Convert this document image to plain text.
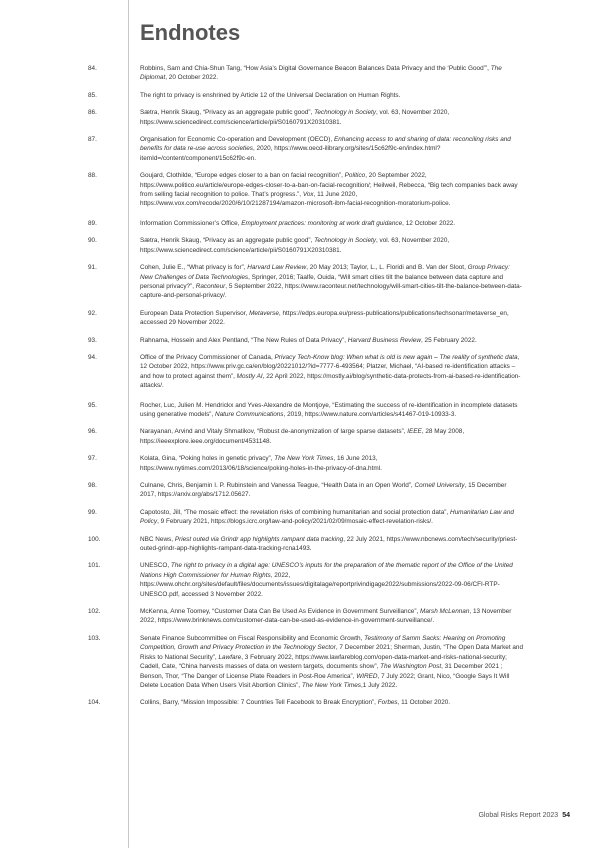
Endnotes
84.	Robbins, Sam and Chia-Shun Tang, “How Asia’s Digital Governance Beacon Balances Data Privacy and the ‘Public Good’”, The Diplomat, 20 October 2022.
85.	The right to privacy is enshrined by Article 12 of the Universal Declaration on Human Rights.
86.	Sætra, Henrik Skaug, “Privacy as an aggregate public good”, Technology in Society, vol. 63, November 2020, https://www.sciencedirect.com/science/article/pii/S0160791X20310381.
87.	Organisation for Economic Co-operation and Development (OECD), Enhancing access to and sharing of data: reconciling risks and benefits for data re-use across societies, 2020, https://www.oecd-ilibrary.org/sites/15c62f9c-en/index.html?itemId=/content/component/15c62f9c-en.
88.	Goujard, Clothilde, “Europe edges closer to a ban on facial recognition”, Politico, 20 September 2022, https://www.politico.eu/article/europe-edges-closer-to-a-ban-on-facial-recognition/; Heilweil, Rebecca, “Big tech companies back away from selling facial recognition to police. That’s progress.”, Vox, 11 June 2020, https://www.vox.com/recode/2020/6/10/21287194/amazon-microsoft-ibm-facial-recognition-moratorium-police.
89.	Information Commissioner’s Office, Employment practices: monitoring at work draft guidance, 12 October 2022.
90.	Sætra, Henrik Skaug, “Privacy as an aggregate public good”, Technology in Society, vol. 63, November 2020, https://www.sciencedirect.com/science/article/pii/S0160791X20310381.
91.	Cohen, Julie E., “What privacy is for”, Harvard Law Review, 20 May 2013; Taylor, L., L. Floridi and B. Van der Sloot, Group Privacy: New Challenges of Data Technologies, Springer, 2016; Taalfe, Ouida, “Will smart cities tilt the balance between data capture and personal privacy?”, Raconteur, 5 September 2022, https://www.raconteur.net/technology/will-smart-cities-tilt-the-balance-between-data-capture-and-personal-privacy/.
92.	European Data Protection Supervisor, Metaverse, https://edps.europa.eu/press-publications/publications/techsonar/metaverse_en, accessed 29 November 2022.
93.	Rahnama, Hossein and Alex Pentland, “The New Rules of Data Privacy”, Harvard Business Review, 25 February 2022.
94.	Office of the Privacy Commissioner of Canada, Privacy Tech-Know blog: When what is old is new again – The reality of synthetic data, 12 October 2022, https://www.priv.gc.ca/en/blog/20221012/?id=7777-6-493564; Platzer, Michael, “AI-based re-identification attacks – and how to protect against them”, Mostly AI, 22 April 2022, https://mostly.ai/blog/synthetic-data-protects-from-ai-based-re-identification-attacks/.
95.	Rocher, Luc, Julien M. Hendrickx and Yves-Alexandre de Montjoye, “Estimating the success of re-identification in incomplete datasets using generative models”, Nature Communications, 2019, https://www.nature.com/articles/s41467-019-10933-3.
96.	Narayanan, Arvind and Vitaly Shmatikov, “Robust de-anonymization of large sparse datasets”, IEEE, 28 May 2008, https://ieeexplore.ieee.org/document/4531148.
97.	Kolata, Gina, “Poking holes in genetic privacy”, The New York Times, 16 June 2013, https://www.nytimes.com/2013/06/18/science/poking-holes-in-the-privacy-of-dna.html.
98.	Culnane, Chris, Benjamin I. P. Rubinstein and Vanessa Teague, “Health Data in an Open World”, Cornell University, 15 December 2017, https://arxiv.org/abs/1712.05627.
99.	Capotosto, Jill, “The mosaic effect: the revelation risks of combining humanitarian and social protection data”, Humanitarian Law and Policy, 9 February 2021, https://blogs.icrc.org/law-and-policy/2021/02/09/mosaic-effect-revelation-risks/.
100.	NBC News, Priest outed via Grindr app highlights rampant data tracking, 22 July 2021, https://www.nbcnews.com/tech/security/priest-outed-grindr-app-highlights-rampant-data-tracking-rcna1493.
101.	UNESCO, The right to privacy in a digital age: UNESCO’s inputs for the preparation of the thematic report of the Office of the United Nations High Commissioner for Human Rights, 2022, https://www.ohchr.org/sites/default/files/documents/issues/digitalage/reportprivindigage2022/submissions/2022-09-06/CFI-RTP-UNESCO.pdf, accessed 3 November 2022.
102.	McKenna, Anne Toomey, “Customer Data Can Be Used As Evidence in Government Surveillance”, Marsh McLennan, 13 November 2022, https://www.brinknews.com/customer-data-can-be-used-as-evidence-in-government-surveillance/.
103.	Senate Finance Subcommittee on Fiscal Responsibility and Economic Growth, Testimony of Samm Sacks: Hearing on Promoting Competition, Growth and Privacy Protection in the Technology Sector, 7 December 2021; Sherman, Justin, “The Open Data Market and Risks to National Security”, Lawfare, 3 February 2022, https://www.lawfareblog.com/open-data-market-and-risks-national-security; Cadell, Cate, “China harvests masses of data on western targets, documents show”, The Washington Post, 31 December 2021 ; Benson, Thor, “The Danger of License Plate Readers in Post-Roe America”, WIRED, 7 July 2022; Grant, Nico, “Google Says It Will Delete Location Data When Users Visit Abortion Clinics”, The New York Times,1 July 2022.
104.	Collins, Barry, “Mission Impossible: 7 Countries Tell Facebook to Break Encryption”, Forbes, 11 October 2020.
Global Risks Report 2023 54
